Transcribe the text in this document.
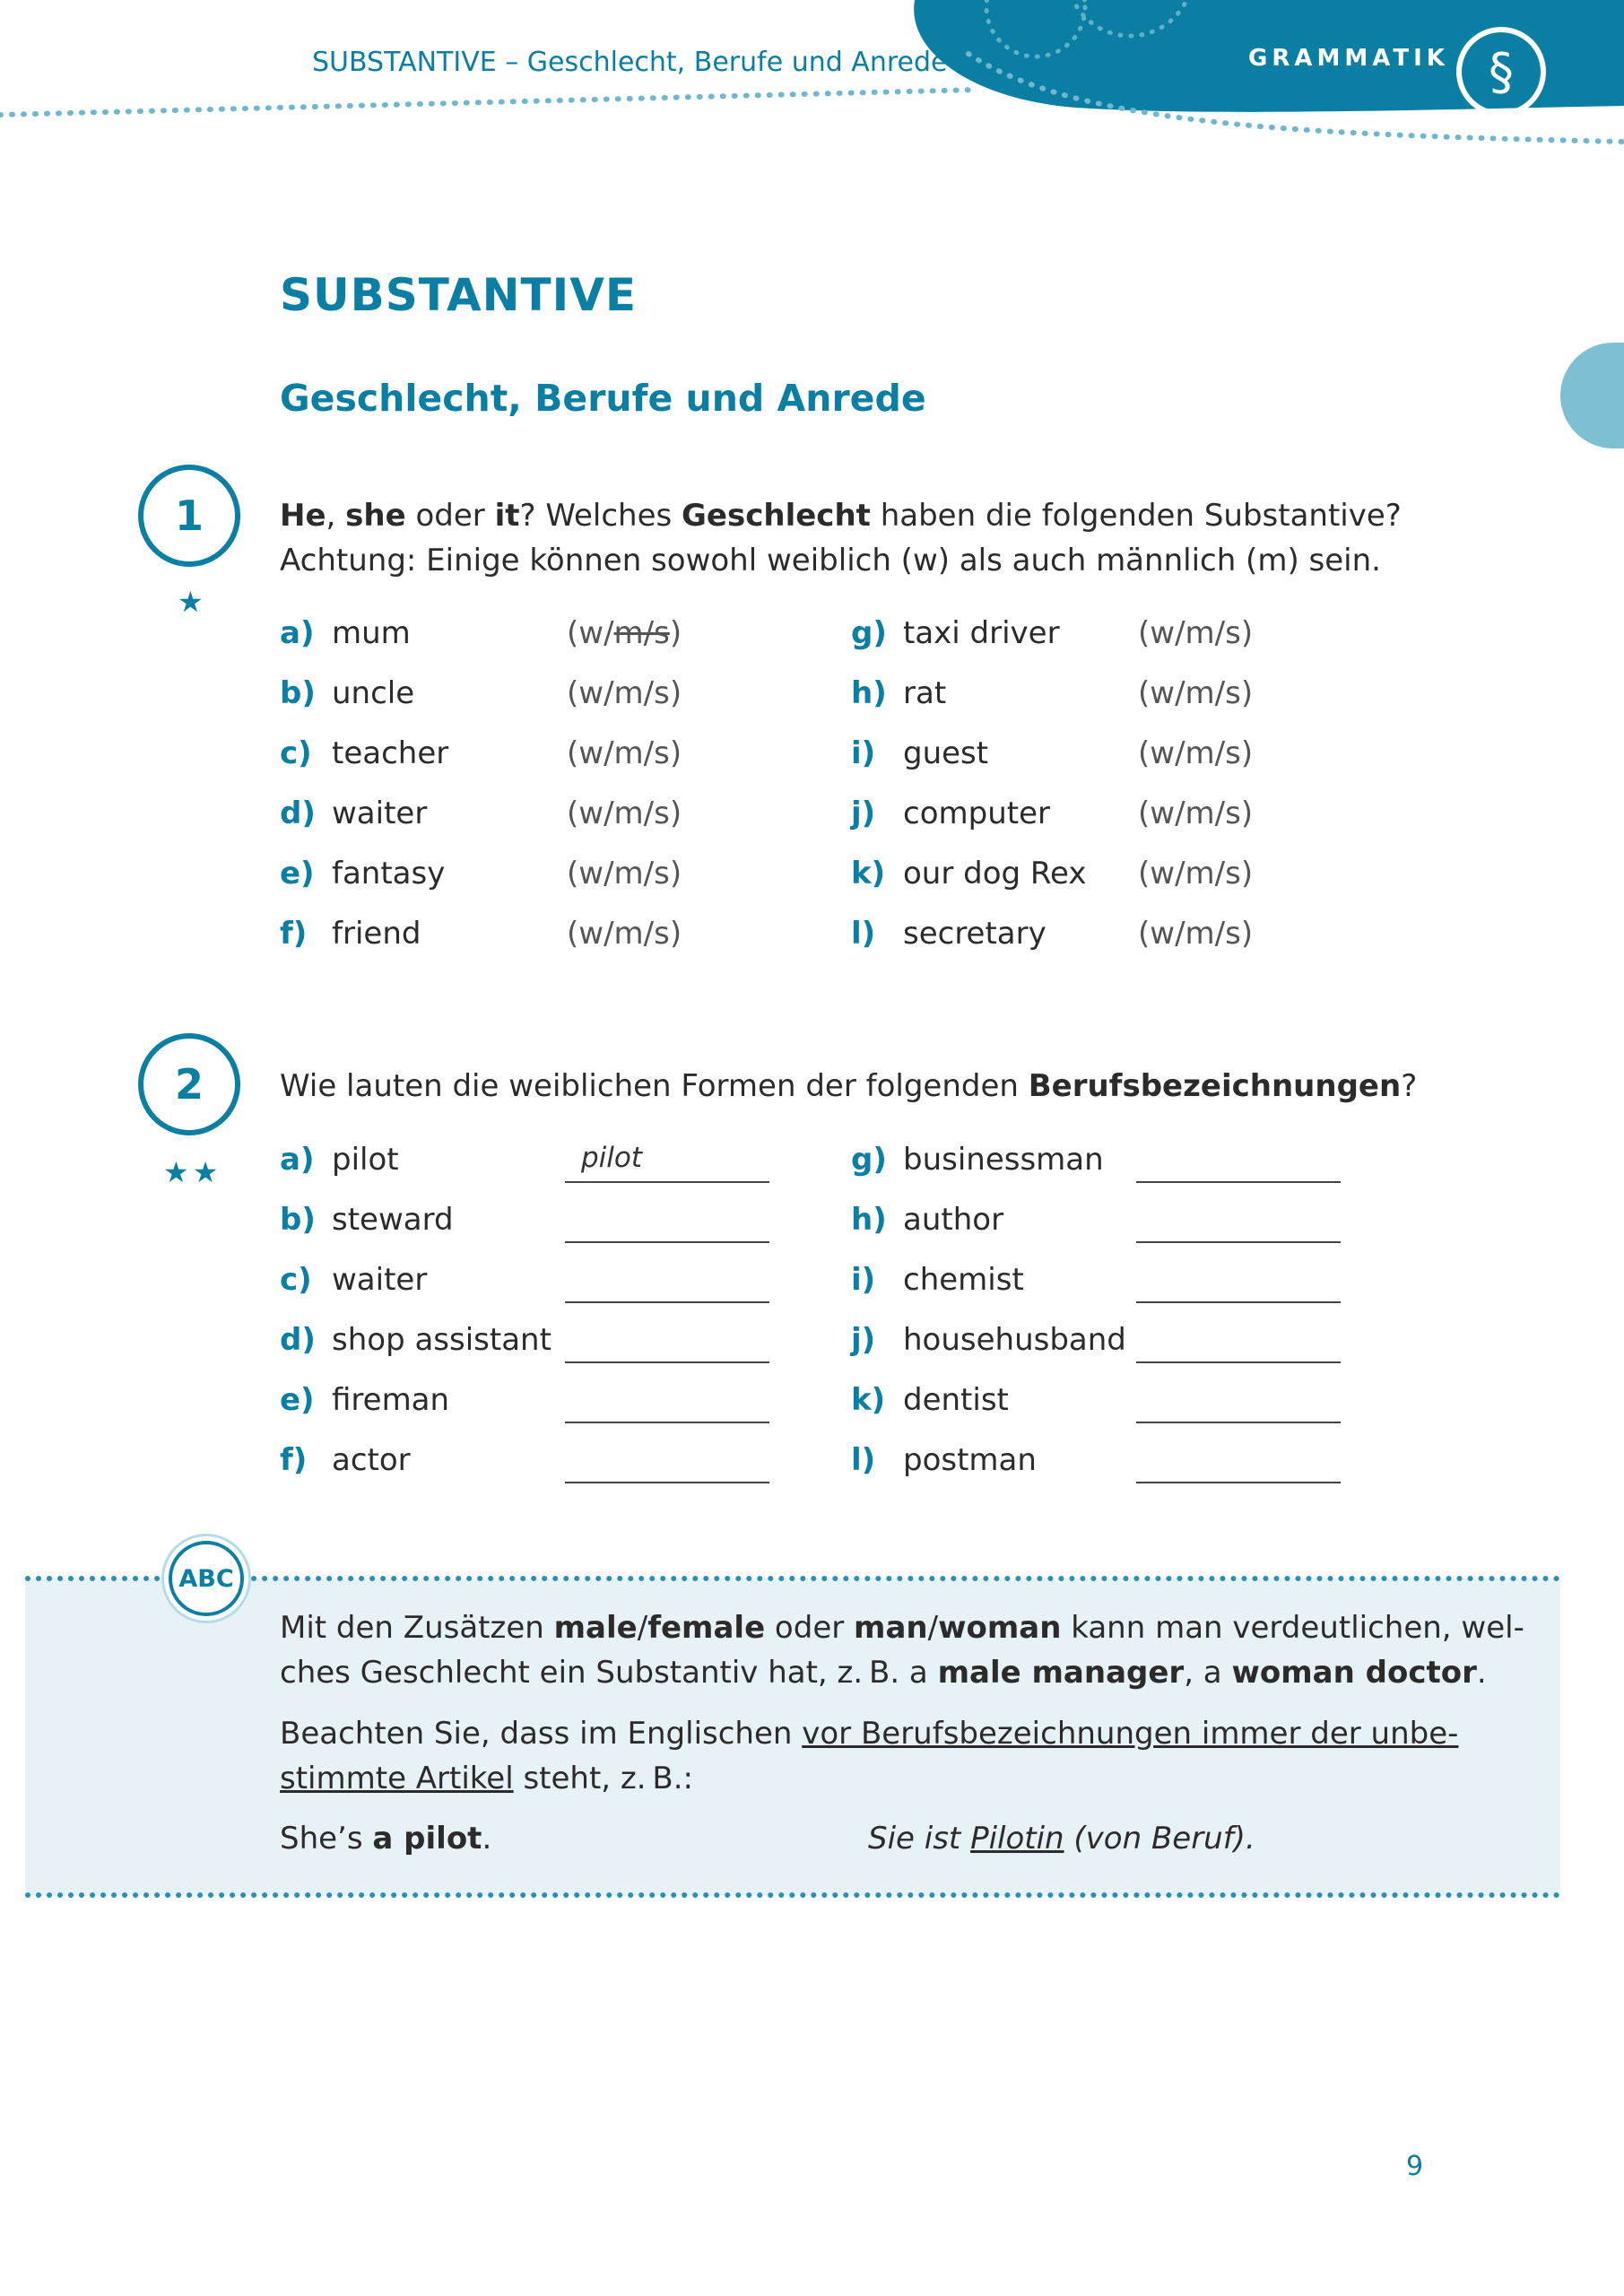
SUBSTANTIVE – Geschlecht, Berufe und Anrede	GRAMMATIK §
SUBSTANTIVE
Geschlecht, Berufe und Anrede
1
★
He, she oder it? Welches Geschlecht haben die folgenden Substantive?
Achtung: Einige können sowohl weiblich (w) als auch männlich (m) sein.
a) mum	(w/m/s)
b) uncle	(w/m/s)
c) teacher	(w/m/s)
d) waiter	(w/m/s)
e) fantasy	(w/m/s)
f) friend	(w/m/s)
g) taxi driver	(w/m/s)
h) rat	(w/m/s)
i) guest	(w/m/s)
j) computer	(w/m/s)
k) our dog Rex (w/m/s)
l) secretary	(w/m/s)
2
★★
Wie lauten die weiblichen Formen der folgenden Berufsbezeichnungen?
a) pilot	pilot
b) steward
c) waiter
d) shop assistant
e) fireman
f) actor
g) businessman
h) author
i) chemist
j) househusband
k) dentist
l) postman
ABC
Mit den Zusätzen male/female oder man/woman kann man verdeutlichen, wel-
ches Geschlecht ein Substantiv hat, z. B. a male manager, a woman doctor.
Beachten Sie, dass im Englischen vor Berufsbezeichnungen immer der unbe-
stimmte Artikel steht, z. B.:
She’s a pilot.	Sie ist Pilotin (von Beruf).
9
